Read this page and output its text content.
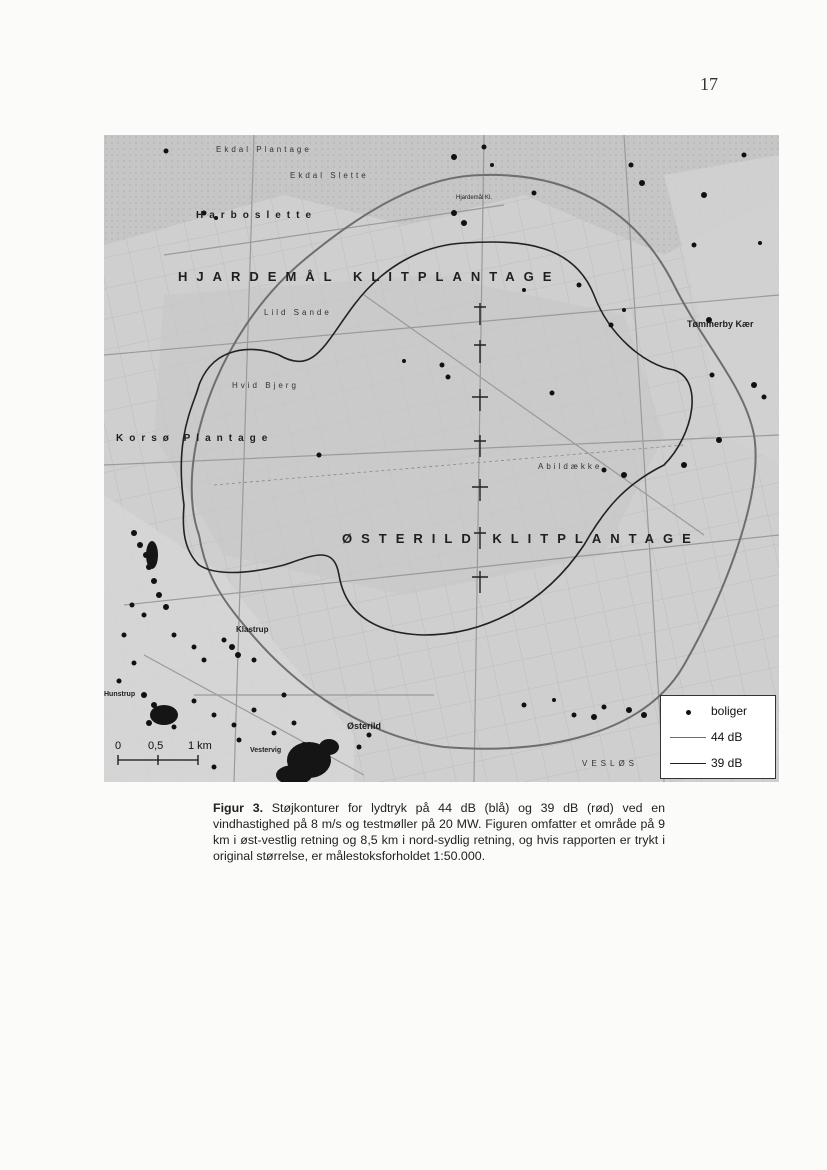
17
Ekdal Plantage
Ekdal Slette
Harboslette
HJARDEMÅL KLITPLANTAGE
Lild Sande
Korsø Plantage
Hvid Bjerg
Abildække
ØSTERILD KLITPLANTAGE
Tømmerby Kær
Klastrup
Østerild
Vestervig
Hunstrup
VESLØS
Hjardemål Kl.
0 0,5 1 km
boliger
44 dB
39 dB
Figur 3. Støjkonturer for lydtryk på 44 dB (blå) og 39 dB (rød) ved en vindhastighed på 8 m/s og testmøller på 20 MW. Figuren omfatter et område på 9 km i øst-vestlig retning og 8,5 km i nord-sydlig retning, og hvis rapporten er trykt i original størrelse, er målestoksforholdet 1:50.000.
